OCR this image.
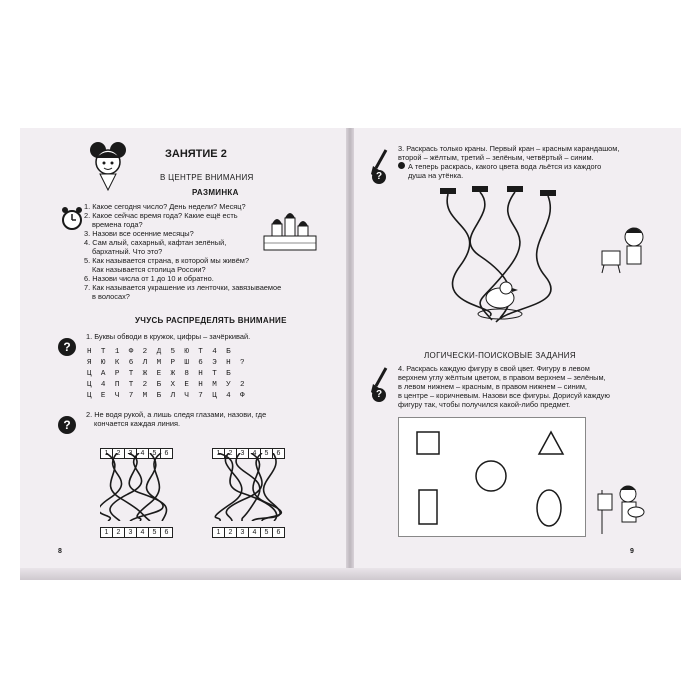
ЗАНЯТИЕ 2
В ЦЕНТРЕ ВНИМАНИЯ
РАЗМИНКА
1. Какое сегодня число? День недели? Месяц?
2. Какое сейчас время года? Какие ещё есть
времена года?
3. Назови все осенние месяцы?
4. Сам алый, сахарный, кафтан зелёный,
бархатный. Что это?
5. Как называется страна, в которой мы живём?
Как называется столица России?
6. Назови числа от 1 до 10 и обратно.
7. Как называется украшение из ленточки, завязываемое
в волосах?
УЧУСЬ РАСПРЕДЕЛЯТЬ ВНИМАНИЕ
?
1. Буквы обводи в кружок, цифры – зачёркивай.
Н Т 1 Ф 2 Д 5 Ю Т 4 Б
Я Ю К 6 Л М Р Ш 6 Э Н ?
Ц А Р Т Ж Е Ж 8 Н Т Б
Ц 4 П Т 2 Б Х Е Н М У 2
Ц Е Ч 7 М Б Л Ч 7 Ц 4 Ф
?
2. Не водя рукой, а лишь следя глазами, назови, где
кончается каждая линия.
1 2 3 4 5 6
1 2 3 4 5 6
1 2 3 4 5 6
1 2 3 4 5 6
8
?
3. Раскрась только краны. Первый кран – красным карандашом,
второй – жёлтым, третий – зелёным, четвёртый – синим.
А теперь раскрась, какого цвета вода льётся из каждого
душа на утёнка.
ЛОГИЧЕСКИ-ПОИСКОВЫЕ ЗАДАНИЯ
?
4. Раскрась каждую фигуру в свой цвет. Фигуру в левом
верхнем углу жёлтым цветом, в правом верхнем – зелёным,
в левом нижнем – красным, в правом нижнем – синим,
в центре – коричневым. Назови все фигуры. Дорисуй каждую
фигуру так, чтобы получился какой-либо предмет.
9
